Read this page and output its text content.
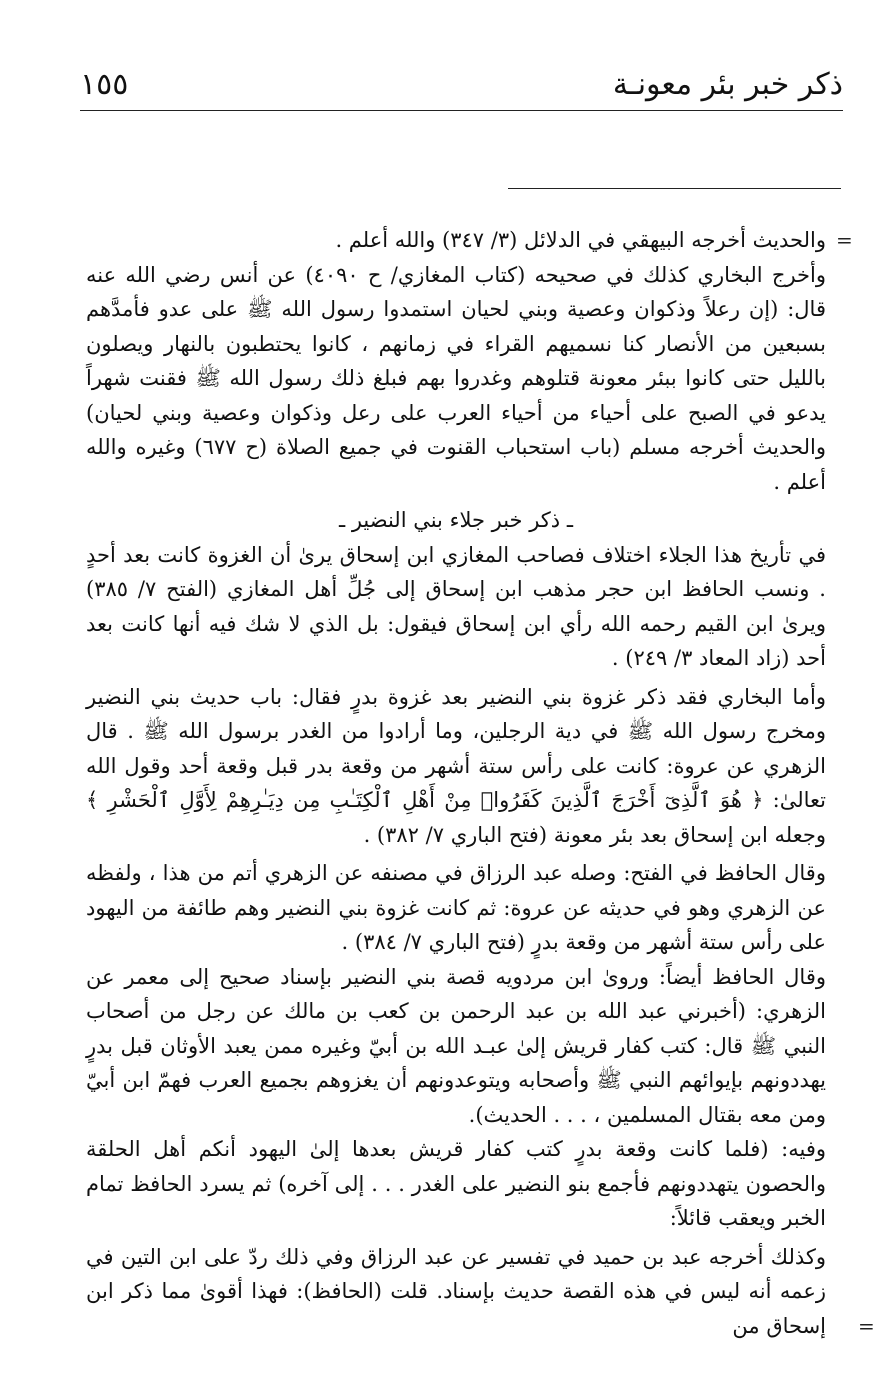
ذكر خبر بئر معونـة
١٥٥
=

والحديث أخرجه البيهقي في الدلائل (٣/ ٣٤٧) والله أعلم .

وأخرج البخاري كذلك في صحيحه (كتاب المغازي/ ح ٤٠٩٠) عن أنس رضي الله عنه قال: (إن رعلاً وذكوان وعصية وبني لحيان استمدوا رسول الله ﷺ على عدو فأمدَّهم بسبعين من الأنصار كنا نسميهم القراء في زمانهم ، كانوا يحتطبون بالنهار ويصلون بالليل حتى كانوا ببئر معونة قتلوهم وغدروا بهم فبلغ ذلك رسول الله ﷺ فقنت شهراً يدعو في الصبح على أحياء من أحياء العرب على رعل وذكوان وعصية وبني لحيان) والحديث أخرجه مسلم (باب استحباب القنوت في جميع الصلاة (ح ٦٧٧) وغيره والله أعلم .

ـ ذكر خبر جلاء بني النضير ـ

في تأريخ هذا الجلاء اختلاف فصاحب المغازي ابن إسحاق يرىٰ أن الغزوة كانت بعد أحدٍ . ونسب الحافظ ابن حجر مذهب ابن إسحاق إلى جُلِّ أهل المغازي (الفتح ٧/ ٣٨٥) ويرىٰ ابن القيم رحمه الله رأي ابن إسحاق فيقول: بل الذي لا شك فيه أنها كانت بعد أحد (زاد المعاد ٣/ ٢٤٩) .

وأما البخاري فقد ذكر غزوة بني النضير بعد غزوة بدرٍ فقال: باب حديث بني النضير ومخرج رسول الله ﷺ في دية الرجلين، وما أرادوا من الغدر برسول الله ﷺ . قال الزهري عن عروة: كانت على رأس ستة أشهر من وقعة بدر قبل وقعة أحد وقول الله تعالىٰ: ﴿ هُوَ ٱلَّذِىٓ أَخْرَجَ ٱلَّذِينَ كَفَرُوا۟ مِنْ أَهْلِ ٱلْكِتَـٰبِ مِن دِيَـٰرِهِمْ لِأَوَّلِ ٱلْحَشْرِ ﴾ وجعله ابن إسحاق بعد بئر معونة (فتح الباري ٧/ ٣٨٢) .

وقال الحافظ في الفتح: وصله عبد الرزاق في مصنفه عن الزهري أتم من هذا ، ولفظه عن الزهري وهو في حديثه عن عروة: ثم كانت غزوة بني النضير وهم طائفة من اليهود على رأس ستة أشهر من وقعة بدرٍ (فتح الباري ٧/ ٣٨٤) .

وقال الحافظ أيضاً: وروىٰ ابن مردويه قصة بني النضير بإسناد صحيح إلى معمر عن الزهري: (أخبرني عبد الله بن عبد الرحمن بن كعب بن مالك عن رجل من أصحاب النبي ﷺ قال: كتب كفار قريش إلىٰ عبـد الله بن أبيّ وغيره ممن يعبد الأوثان قبل بدرٍ يهددونهم بإيوائهم النبي ﷺ وأصحابه ويتوعدونهم أن يغزوهم بجميع العرب فهمّ ابن أبيّ ومن معه بقتال المسلمين ، . . . الحديث).

وفيه: (فلما كانت وقعة بدرٍ كتب كفار قريش بعدها إلىٰ اليهود أنكم أهل الحلقة والحصون يتهددونهم فأجمع بنو النضير على الغدر . . . إلى آخره) ثم يسرد الحافظ تمام الخبر ويعقب قائلاً:

وكذلك أخرجه عبد بن حميد في تفسير عن عبد الرزاق وفي ذلك ردّ على ابن التين في زعمه أنه ليس في هذه القصة حديث بإسناد. قلت (الحافظ): فهذا أقوىٰ مما ذكر ابن إسحاق من =
